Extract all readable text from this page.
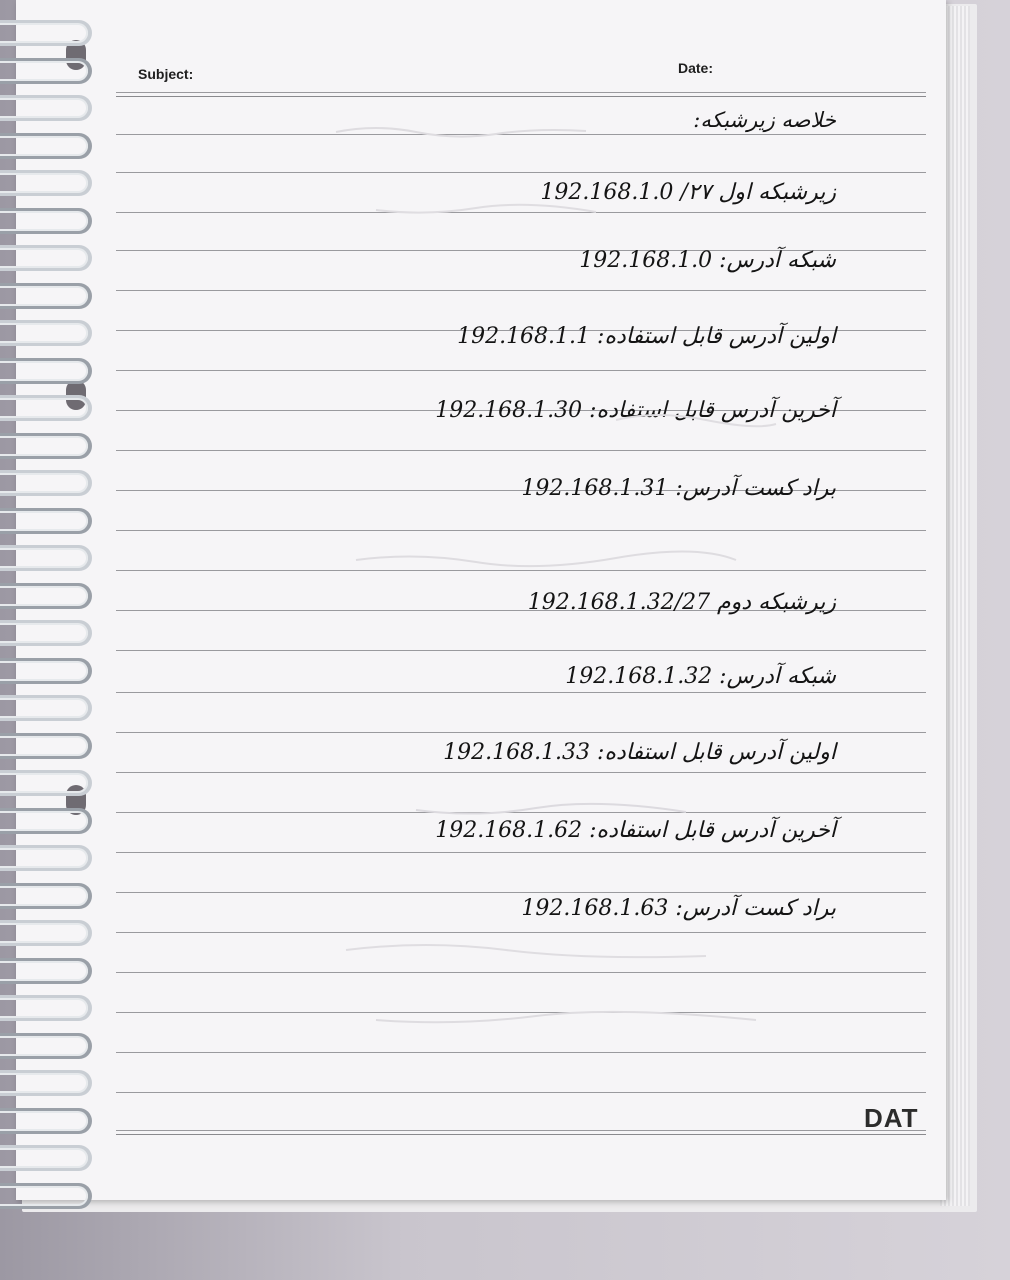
Subject:	Date:
خلاصه زیرشبکه:
زیرشبکه اول ۲۷/ 192.168.1.0
شبکه آدرس: 192.168.1.0
اولین آدرس قابل استفاده: 192.168.1.1
آخرین آدرس قابل استفاده: 192.168.1.30
براد کست آدرس: 192.168.1.31
زیرشبکه دوم 192.168.1.32/27
شبکه آدرس: 192.168.1.32
اولین آدرس قابل استفاده: 192.168.1.33
آخرین آدرس قابل استفاده: 192.168.1.62
براد کست آدرس: 192.168.1.63
DAT
